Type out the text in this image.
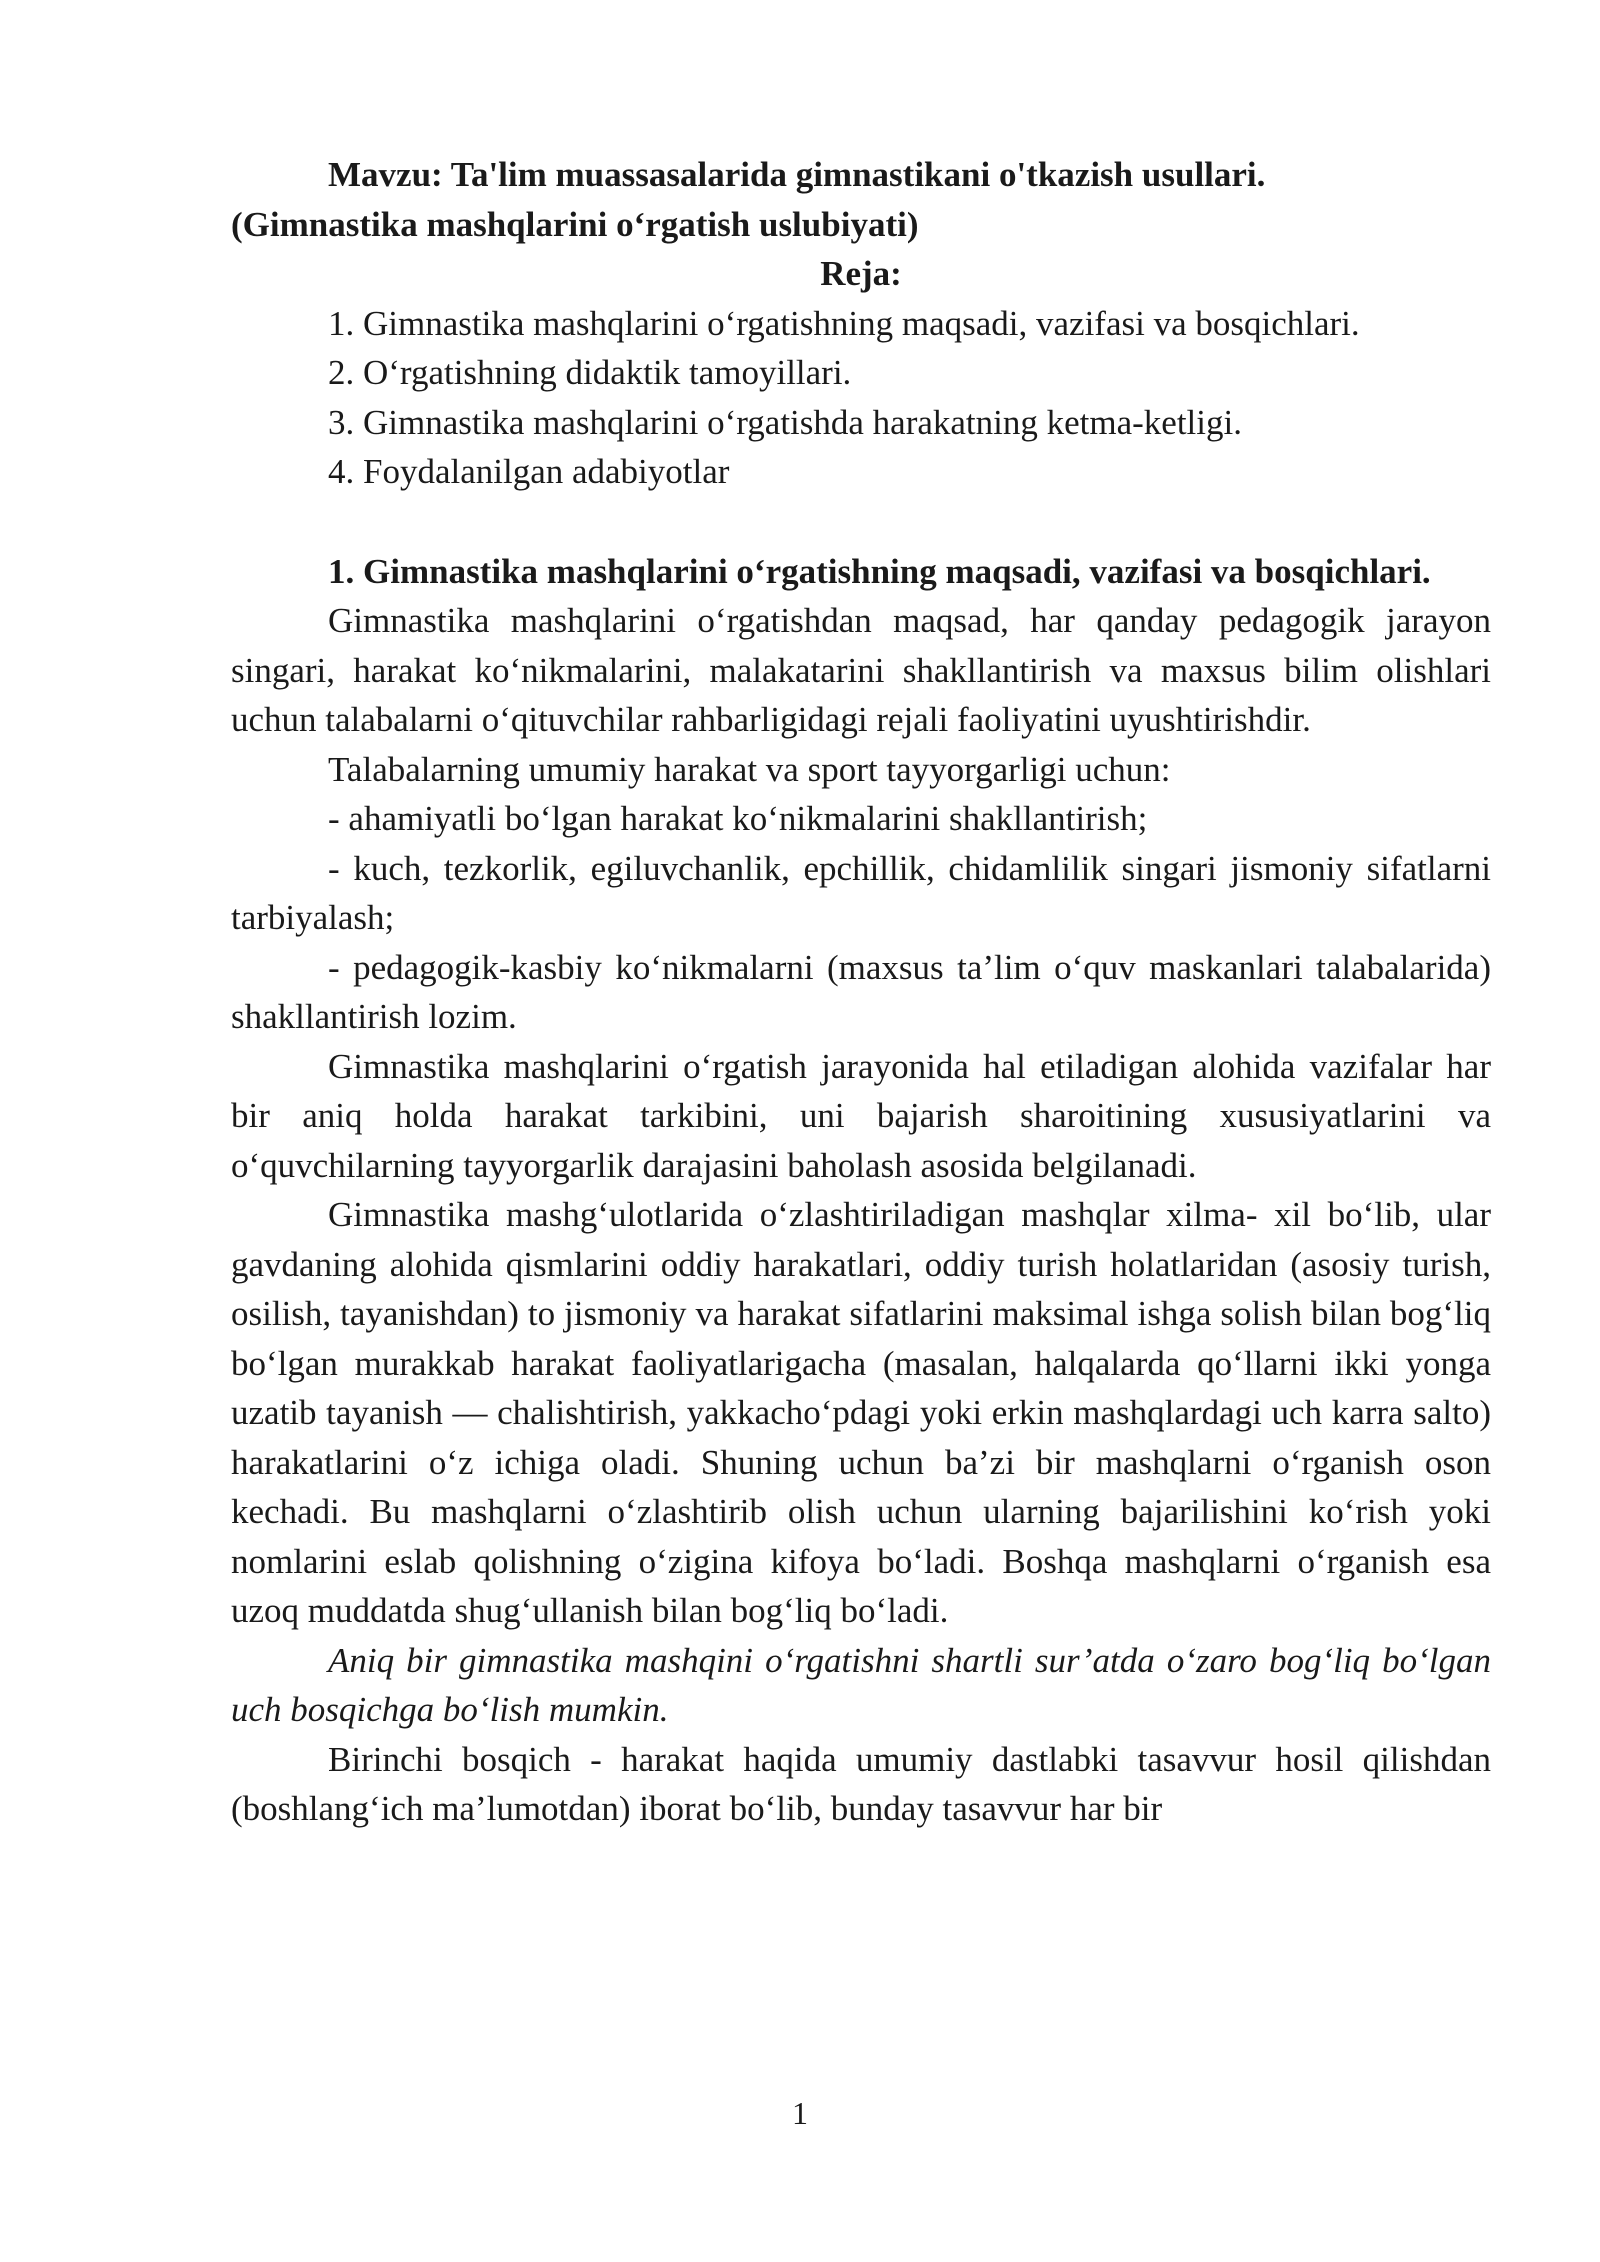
Mavzu: Ta'lim muassasalarida gimnastikani o'tkazish usullari.

(Gimnastika mashqlarini o‘rgatish uslubiyati)

Reja:

1. Gimnastika mashqlarini o‘rgatishning maqsadi, vazifasi va bosqichlari.

2. O‘rgatishning didaktik tamoyillari.

3. Gimnastika mashqlarini o‘rgatishda harakatning ketma-ketligi.

4. Foydalanilgan adabiyotlar

1. Gimnastika mashqlarini o‘rgatishning maqsadi, vazifasi va bosqichlari.

Gimnastika mashqlarini o‘rgatishdan maqsad, har qanday pedagogik jarayon singari, harakat ko‘nikmalarini, malakatarini shakllantirish va maxsus bilim olishlari uchun talabalarni o‘qituvchilar rahbarligidagi rejali faoliyatini uyushtirishdir.

Talabalarning umumiy harakat va sport tayyorgarligi uchun:

- ahamiyatli bo‘lgan harakat ko‘nikmalarini shakllantirish;

- kuch, tezkorlik, egiluvchanlik, epchillik, chidamlilik singari jismoniy sifatlarni tarbiyalash;

- pedagogik-kasbiy ko‘nikmalarni (maxsus ta’lim o‘quv maskanlari talabalarida) shakllantirish lozim.

Gimnastika mashqlarini o‘rgatish jarayonida hal etiladigan alohida vazifalar har bir aniq holda harakat tarkibini, uni bajarish sharoitining xususiyatlarini va o‘quvchilarning tayyorgarlik darajasini baholash asosida belgilanadi.

Gimnastika mashg‘ulotlarida o‘zlashtiriladigan mashqlar xilma- xil bo‘lib, ular gavdaning alohida qismlarini oddiy harakatlari, oddiy turish holatlaridan (asosiy turish, osilish, tayanishdan) to jismoniy va harakat sifatlarini maksimal ishga solish bilan bog‘liq bo‘lgan murakkab harakat faoliyatlarigacha (masalan, halqalarda qo‘llarni ikki yonga uzatib tayanish — chalishtirish, yakkacho‘pdagi yoki erkin mashqlardagi uch karra salto) harakatlarini o‘z ichiga oladi. Shuning uchun ba’zi bir mashqlarni o‘rganish oson kechadi. Bu mashqlarni o‘zlashtirib olish uchun ularning bajarilishini ko‘rish yoki nomlarini eslab qolishning o‘zigina kifoya bo‘ladi. Boshqa mashqlarni o‘rganish esa uzoq muddatda shug‘ullanish bilan bog‘liq bo‘ladi.

Aniq bir gimnastika mashqini o‘rgatishni shartli sur’atda o‘zaro bog‘liq bo‘lgan uch bosqichga bo‘lish mumkin.

Birinchi bosqich - harakat haqida umumiy dastlabki tasavvur hosil qilishdan (boshlang‘ich ma’lumotdan) iborat bo‘lib, bunday tasavvur har bir

1
